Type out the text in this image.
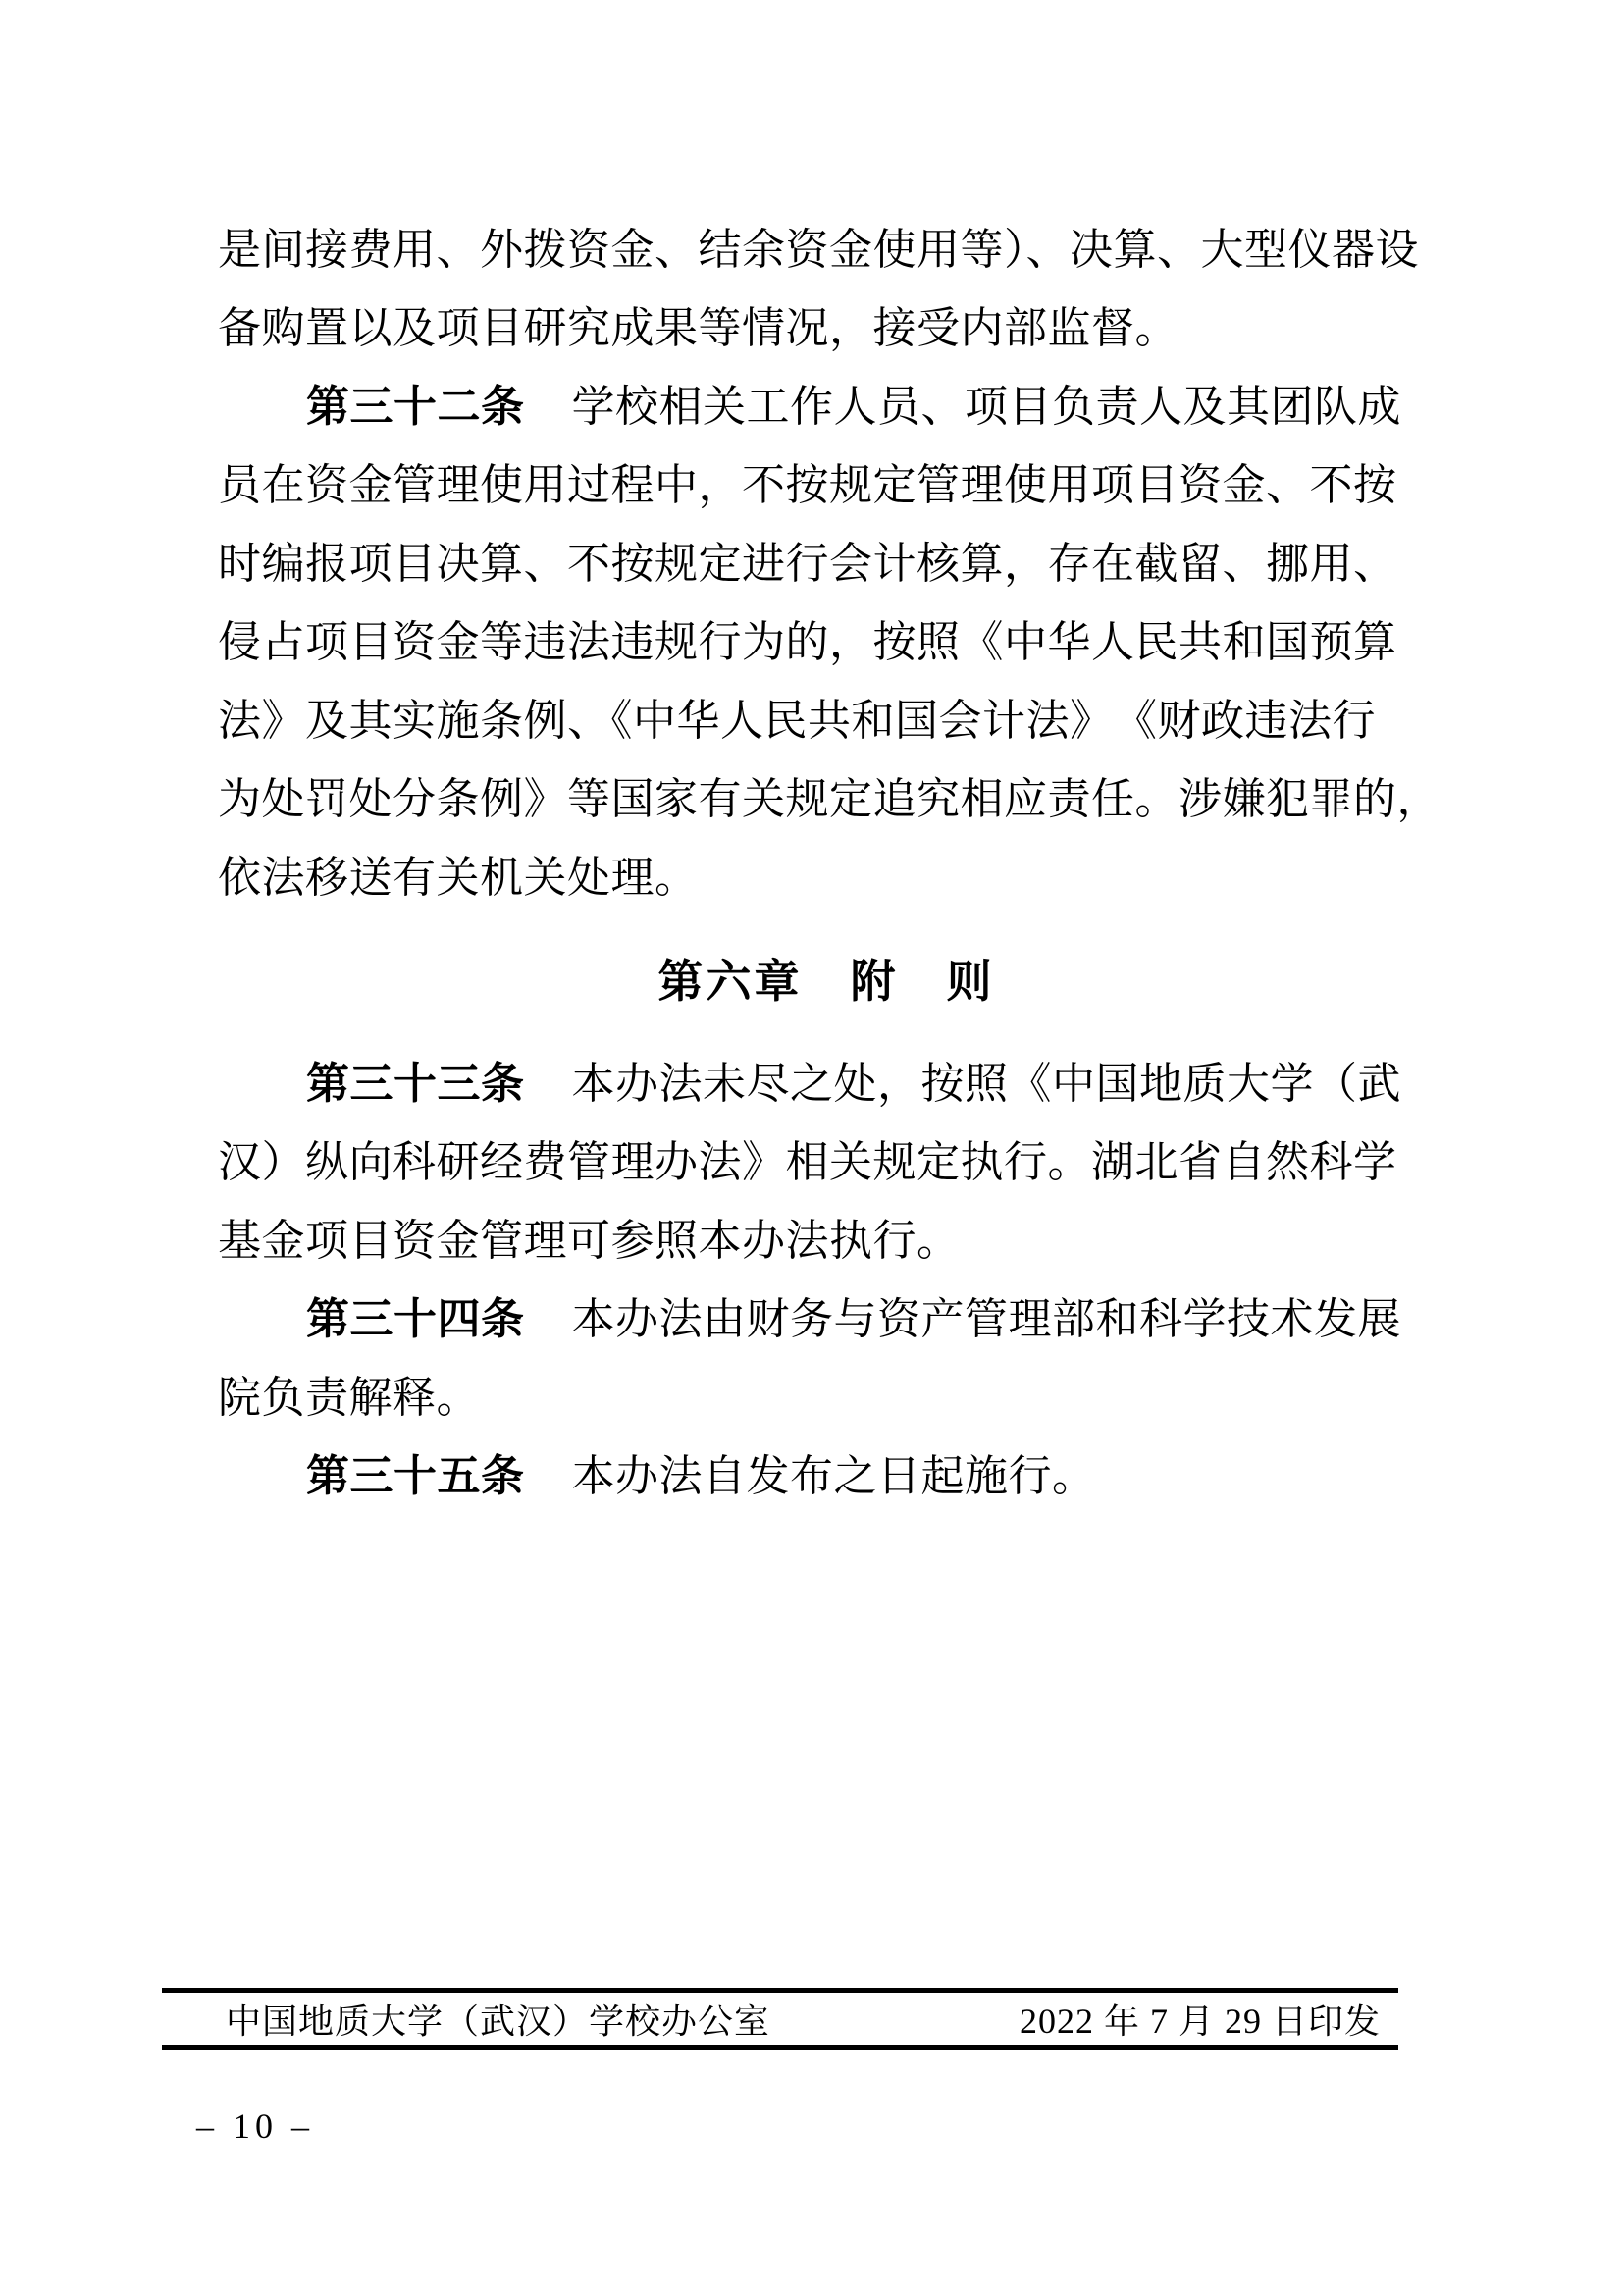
是间接费用、外拨资金、结余资金使用等）、决算、大型仪器设
备购置以及项目研究成果等情况，接受内部监督。
第三十二条 学校相关工作人员、项目负责人及其团队成
员在资金管理使用过程中，不按规定管理使用项目资金、不按
时编报项目决算、不按规定进行会计核算，存在截留、挪用、
侵占项目资金等违法违规行为的，按照《中华人民共和国预算
法》及其实施条例、《中华人民共和国会计法》　《财政违法行
为处罚处分条例》等国家有关规定追究相应责任。涉嫌犯罪的，
依法移送有关机关处理。
第六章　附　则
第三十三条 本办法未尽之处，按照《中国地质大学（武
汉）纵向科研经费管理办法》相关规定执行。湖北省自然科学
基金项目资金管理可参照本办法执行。
第三十四条 本办法由财务与资产管理部和科学技术发展
院负责解释。
第三十五条 本办法自发布之日起施行。
中国地质大学（武汉）学校办公室	2022 年 7 月 29 日印发
– 10 –
